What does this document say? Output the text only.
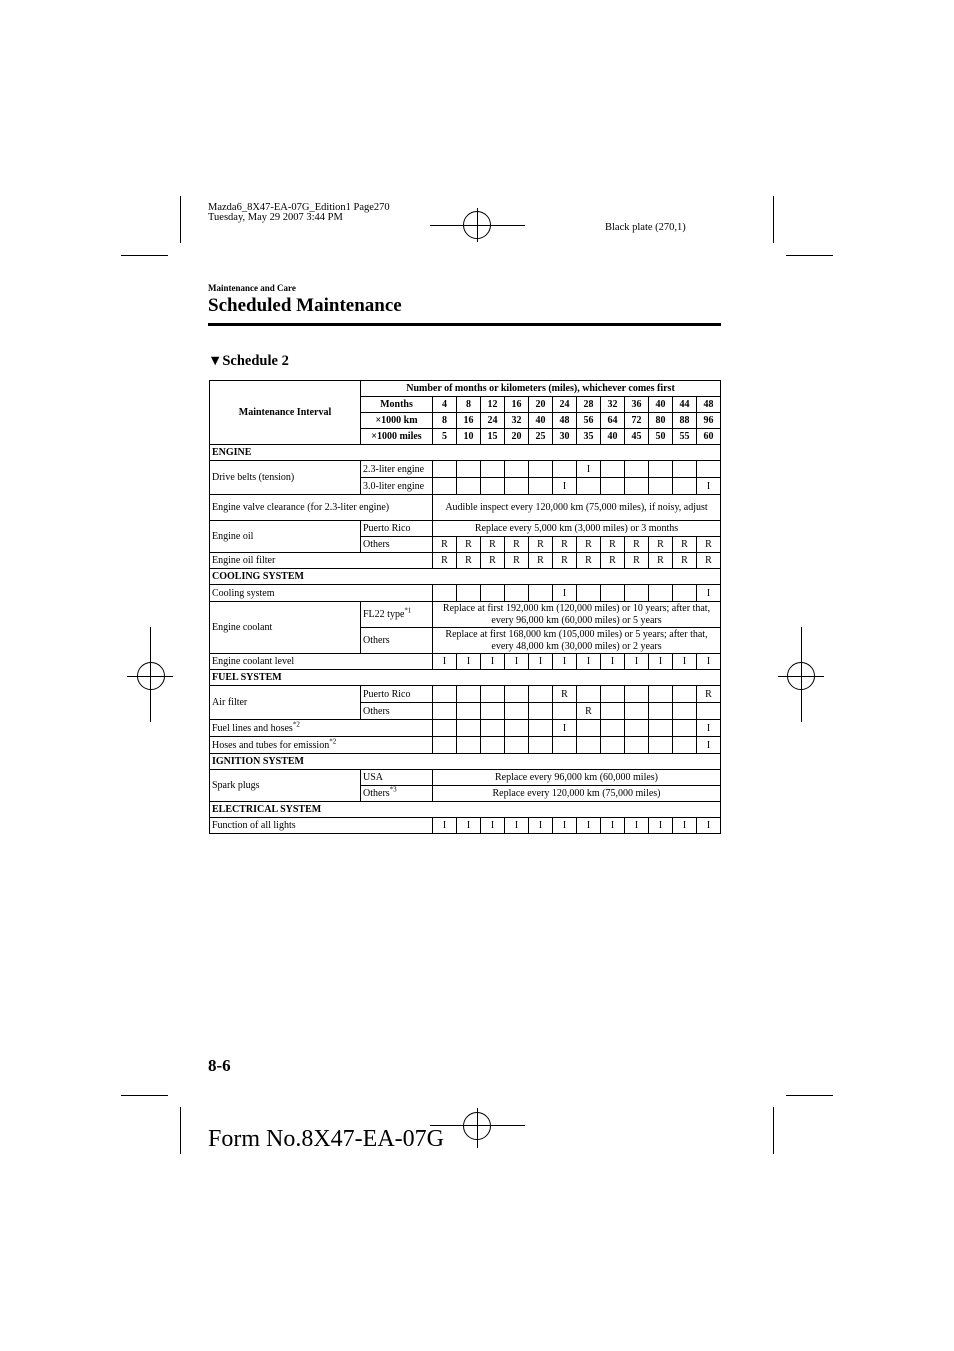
Mazda6_8X47-EA-07G_Edition1 Page270
Tuesday, May 29 2007 3:44 PM
Black plate (270,1)
Maintenance and Care
Scheduled Maintenance
▼Schedule 2
Maintenance Interval	Number of months or kilometers (miles), whichever comes first												
	Months	4	8	12	16	20	24	28	32	36	40	44	48
	×1000 km	8	16	24	32	40	48	56	64	72	80	88	96
	×1000 miles	5	10	15	20	25	30	35	40	45	50	55	60
ENGINE													
Drive belts (tension)	2.3-liter engine							I					
	3.0-liter engine						I						I
Engine valve clearance (for 2.3-liter engine)		Audible inspect every 120,000 km (75,000 miles), if noisy, adjust											
Engine oil	Puerto Rico	Replace every 5,000 km (3,000 miles) or 3 months											
	Others	R	R	R	R	R	R	R	R	R	R	R	R
Engine oil filter		R	R	R	R	R	R	R	R	R	R	R	R
COOLING SYSTEM													
Cooling system							I						I
Engine coolant	FL22 type$^{*1}$	Replace at first 192,000 km (120,000 miles) or 10 years; after that, every 96,000 km (60,000 miles) or 5 years											
	Others	Replace at first 168,000 km (105,000 miles) or 5 years; after that, every 48,000 km (30,000 miles) or 2 years											
Engine coolant level		I	I	I	I	I	I	I	I	I	I	I	I
FUEL SYSTEM													
Air filter	Puerto Rico						R						R
	Others							R					
Fuel lines and hoses$^{*2}$							I						I
Hoses and tubes for emission$^{*2}$													I
IGNITION SYSTEM													
Spark plugs	USA	Replace every 96,000 km (60,000 miles)											
	Others$^{*3}$	Replace every 120,000 km (75,000 miles)											
ELECTRICAL SYSTEM													
Function of all lights		I	I	I	I	I	I	I	I	I	I	I	I
8-6
Form No.8X47-EA-07G
